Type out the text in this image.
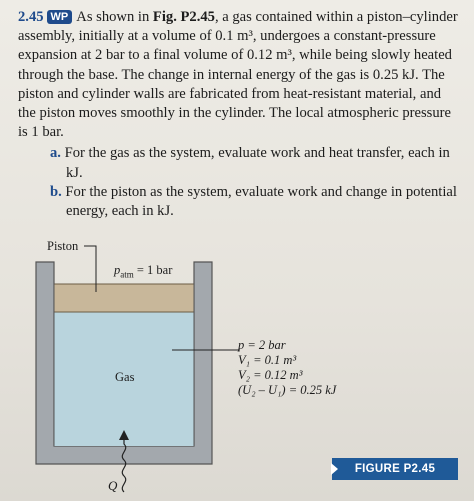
2.45 WP As shown in Fig. P2.45, a gas contained within a piston–cylinder assembly, initially at a volume of 0.1 m³, undergoes a constant-pressure expansion at 2 bar to a final volume of 0.12 m³, while being slowly heated through the base. The change in internal energy of the gas is 0.25 kJ. The piston and cylinder walls are fabricated from heat-resistant material, and the piston moves smoothly in the cylinder. The local atmospheric pressure is 1 bar.
a. For the gas as the system, evaluate work and heat transfer, each in kJ.
b. For the piston as the system, evaluate work and change in potential energy, each in kJ.
Piston
$p_{atm} = 1$ bar
Gas
p = 2 bar
V₁ = 0.1 m³
V₂ = 0.12 m³
(U₂ – U₁) = 0.25 kJ
Q
FIGURE P2.45
